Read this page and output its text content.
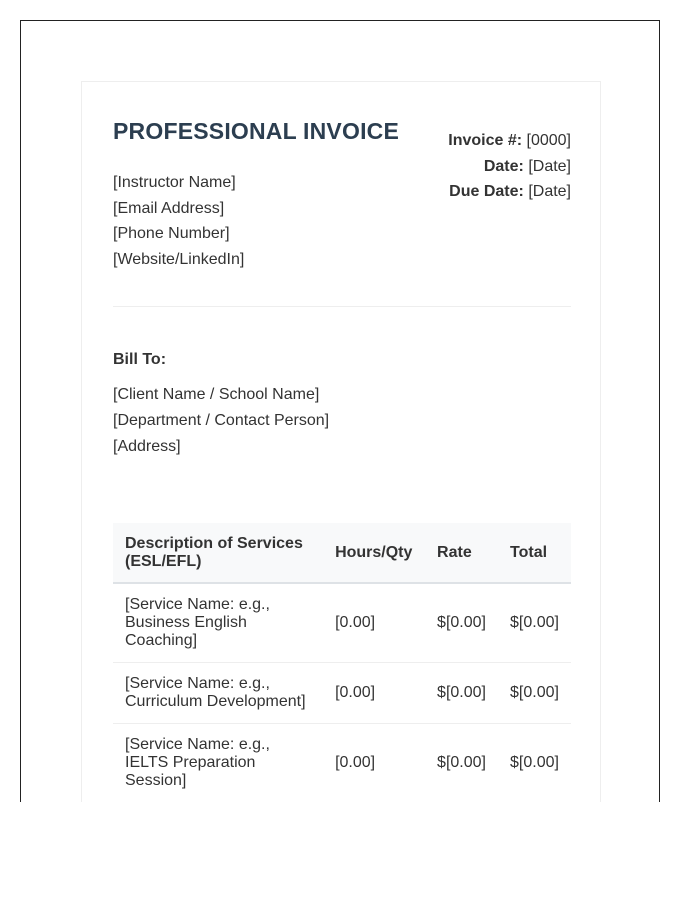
PROFESSIONAL INVOICE
[Instructor Name]
[Email Address]
[Phone Number]
[Website/LinkedIn]
Invoice #: [0000]
Date: [Date]
Due Date: [Date]
Bill To:
[Client Name / School Name]
[Department / Contact Person]
[Address]
Description of Services (ESL/EFL)	Hours/Qty	Rate	Total
[Service Name: e.g., Business English Coaching]	[0.00]	$[0.00]	$[0.00]
[Service Name: e.g., Curriculum Development]	[0.00]	$[0.00]	$[0.00]
[Service Name: e.g., IELTS Preparation Session]	[0.00]	$[0.00]	$[0.00]
